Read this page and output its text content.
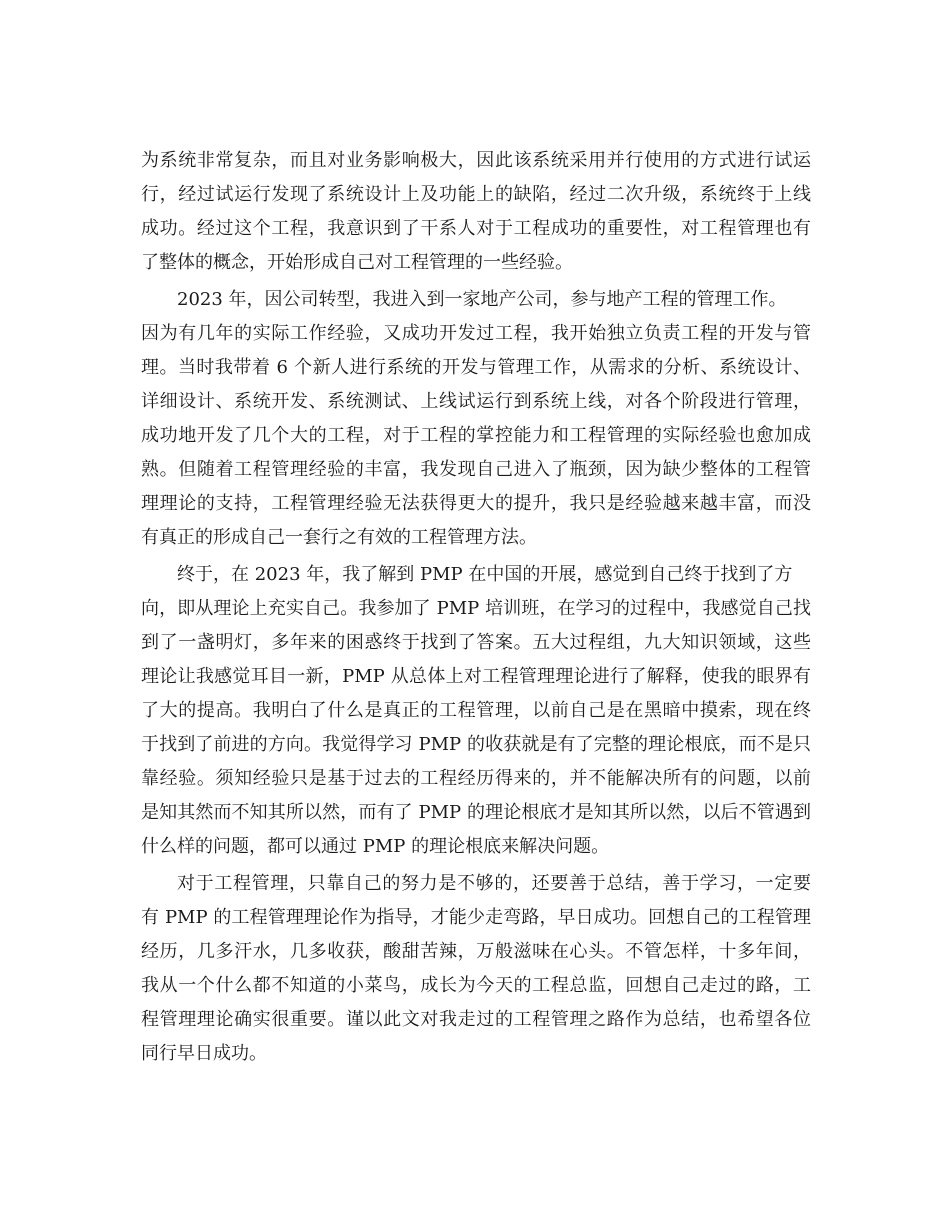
为系统非常复杂，而且对业务影响极大，因此该系统采用并行使用的方式进行试运
行，经过试运行发现了系统设计上及功能上的缺陷，经过二次升级，系统终于上线
成功。经过这个工程，我意识到了干系人对于工程成功的重要性，对工程管理也有
了整体的概念，开始形成自己对工程管理的一些经验。
2023 年，因公司转型，我进入到一家地产公司，参与地产工程的管理工作。
因为有几年的实际工作经验，又成功开发过工程，我开始独立负责工程的开发与管
理。当时我带着 6 个新人进行系统的开发与管理工作，从需求的分析、系统设计、
详细设计、系统开发、系统测试、上线试运行到系统上线，对各个阶段进行管理，
成功地开发了几个大的工程，对于工程的掌控能力和工程管理的实际经验也愈加成
熟。但随着工程管理经验的丰富，我发现自己进入了瓶颈，因为缺少整体的工程管
理理论的支持，工程管理经验无法获得更大的提升，我只是经验越来越丰富，而没
有真正的形成自己一套行之有效的工程管理方法。
终于，在 2023 年，我了解到 PMP 在中国的开展，感觉到自己终于找到了方
向，即从理论上充实自己。我参加了 PMP 培训班，在学习的过程中，我感觉自己找
到了一盏明灯，多年来的困惑终于找到了答案。五大过程组，九大知识领域，这些
理论让我感觉耳目一新，PMP 从总体上对工程管理理论进行了解释，使我的眼界有
了大的提高。我明白了什么是真正的工程管理，以前自己是在黑暗中摸索，现在终
于找到了前进的方向。我觉得学习 PMP 的收获就是有了完整的理论根底，而不是只
靠经验。须知经验只是基于过去的工程经历得来的，并不能解决所有的问题，以前
是知其然而不知其所以然，而有了 PMP 的理论根底才是知其所以然，以后不管遇到
什么样的问题，都可以通过 PMP 的理论根底来解决问题。
对于工程管理，只靠自己的努力是不够的，还要善于总结，善于学习，一定要
有 PMP 的工程管理理论作为指导，才能少走弯路，早日成功。回想自己的工程管理
经历，几多汗水，几多收获，酸甜苦辣，万般滋味在心头。不管怎样，十多年间，
我从一个什么都不知道的小菜鸟，成长为今天的工程总监，回想自己走过的路，工
程管理理论确实很重要。谨以此文对我走过的工程管理之路作为总结，也希望各位
同行早日成功。
